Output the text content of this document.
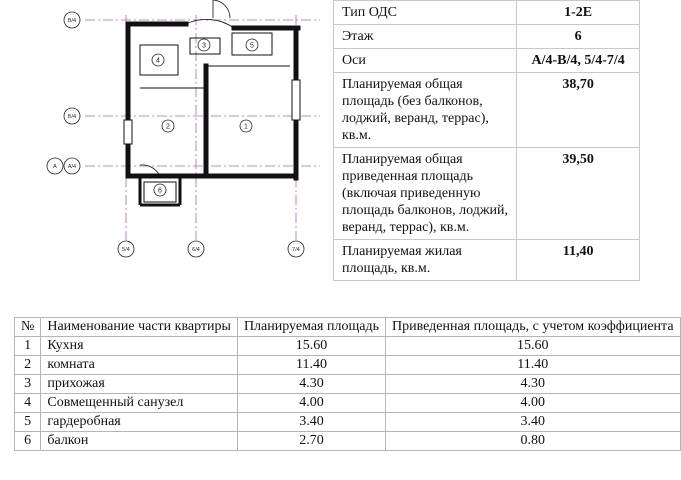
В/4
Б/4
А/4
А
5/4	6/4	7/4
1
2
3
4
5
6
Тип ОДС	1-2E
Этаж	6
Оси	А/4-В/4, 5/4-7/4
Планируемая общая площадь (без балконов, лоджий, веранд, террас), кв.м.	38,70
Планируемая общая приведенная площадь (включая приведенную площадь балконов, лоджий, веранд, террас), кв.м.	39,50
Планируемая жилая площадь, кв.м.	11,40
№	Наименование части квартиры	Планируемая площадь	Приведенная площадь, с учетом коэффициента
1	Кухня	15.60	15.60
2	комната	11.40	11.40
3	прихожая	4.30	4.30
4	Совмещенный санузел	4.00	4.00
5	гардеробная	3.40	3.40
6	балкон	2.70	0.80
